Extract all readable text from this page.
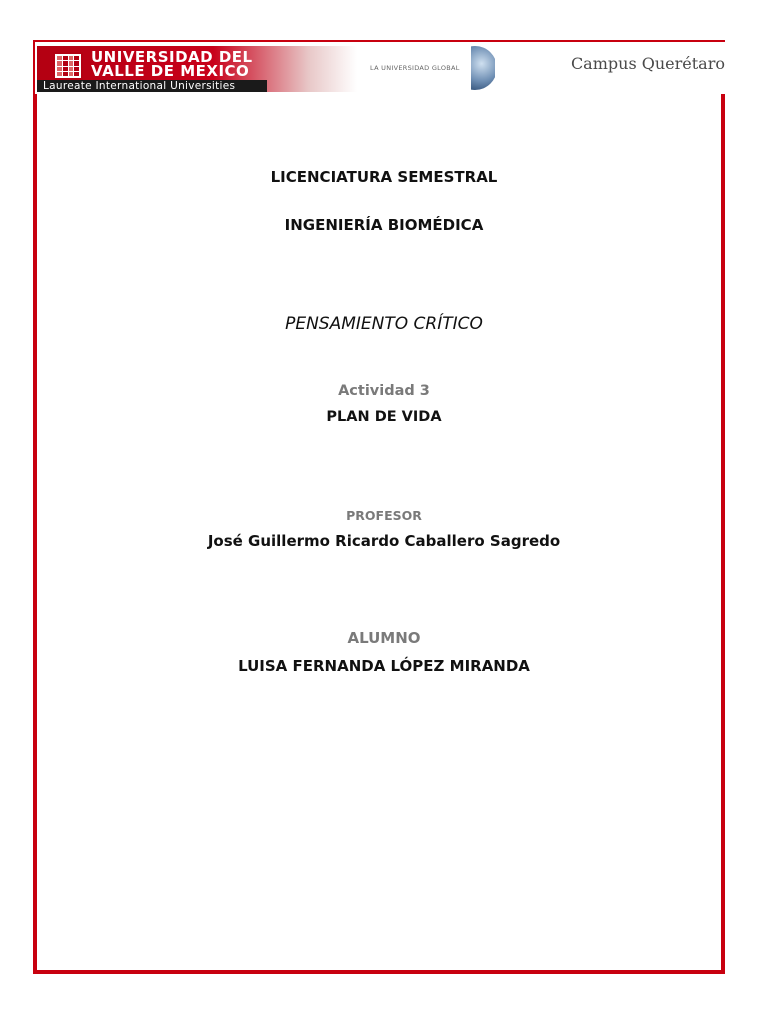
UNIVERSIDAD DEL
VALLE DE MEXICO
Laureate International Universities
LA UNIVERSIDAD GLOBAL	Campus Querétaro
LICENCIATURA SEMESTRAL
INGENIERÍA BIOMÉDICA
PENSAMIENTO CRÍTICO
Actividad 3
PLAN DE VIDA
PROFESOR
José Guillermo Ricardo Caballero Sagredo
ALUMNO
LUISA FERNANDA LÓPEZ MIRANDA
